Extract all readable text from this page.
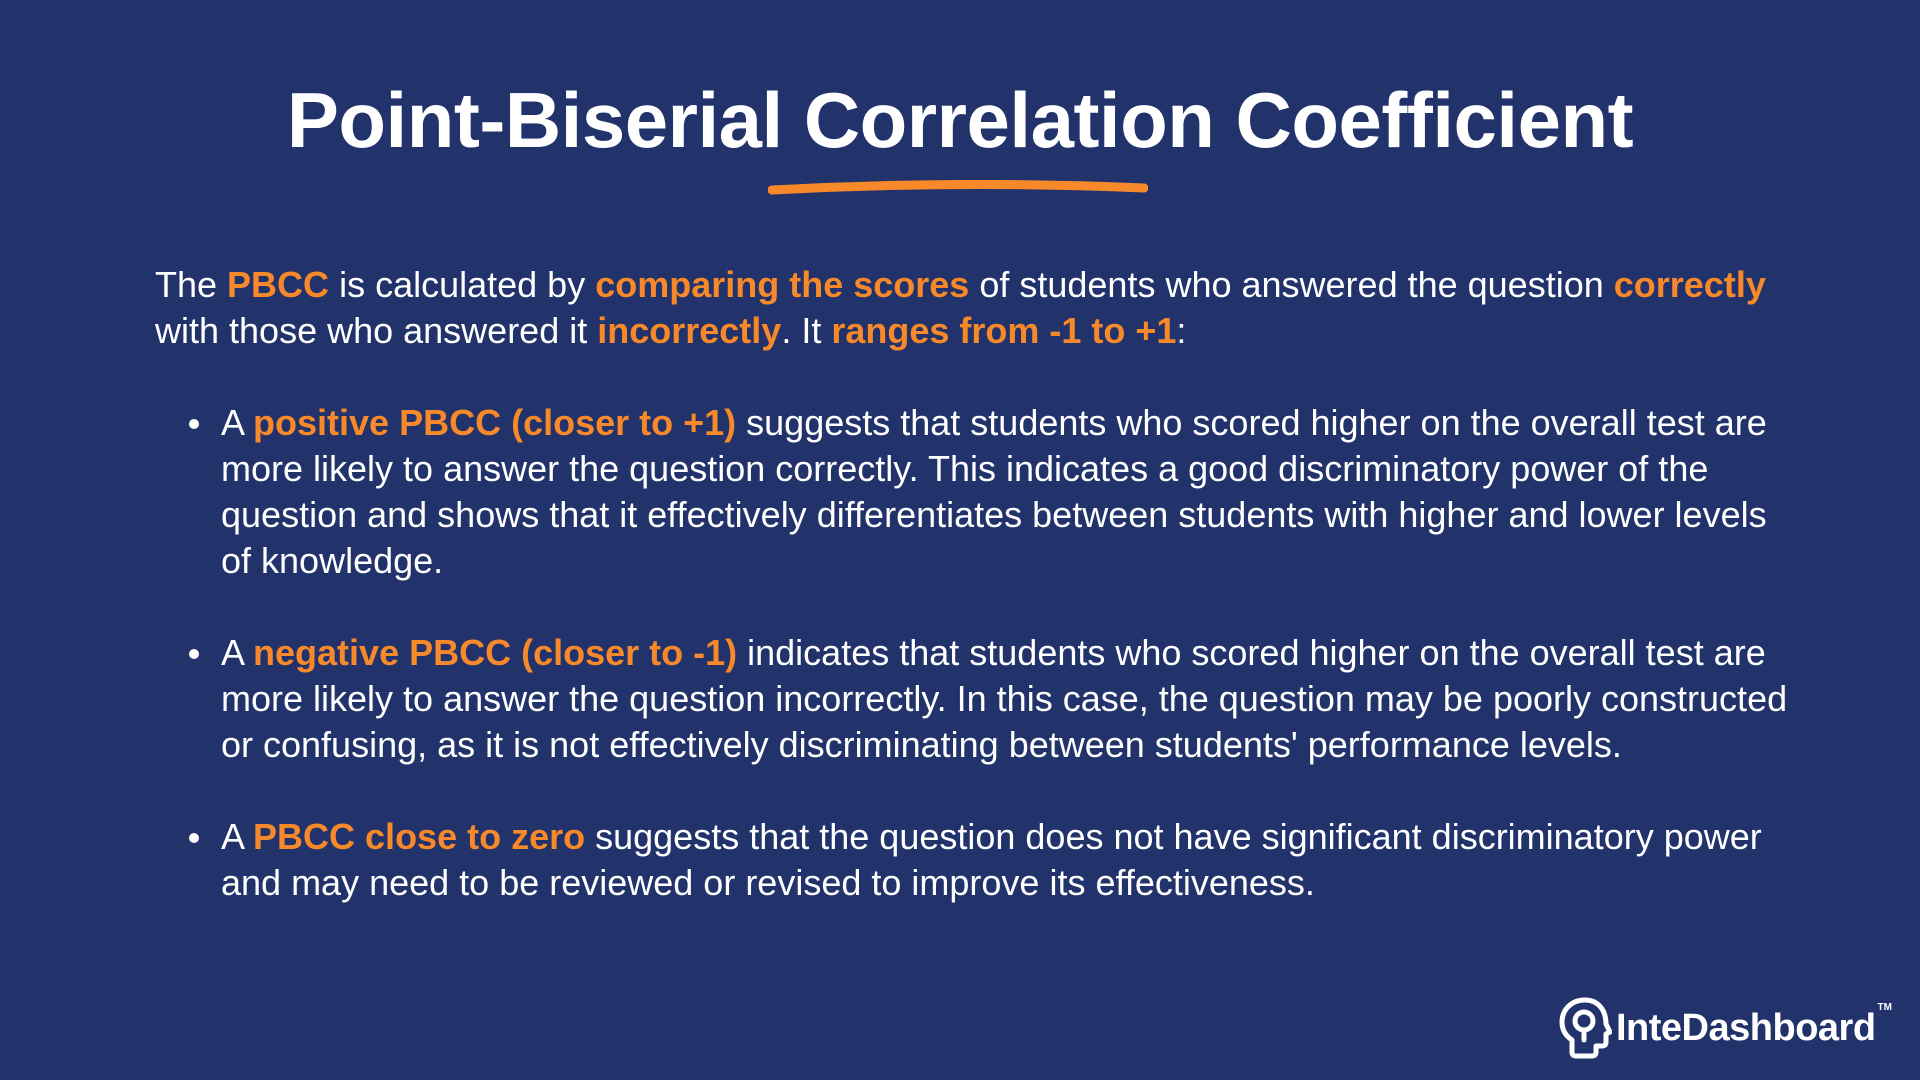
Point-Biserial Correlation Coefficient

The PBCC is calculated by comparing the scores of students who answered the question correctly with those who answered it incorrectly. It ranges from -1 to +1:

A positive PBCC (closer to +1) suggests that students who scored higher on the overall test are more likely to answer the question correctly. This indicates a good discriminatory power of the question and shows that it effectively differentiates between students with higher and lower levels of knowledge.
A negative PBCC (closer to -1) indicates that students who scored higher on the overall test are more likely to answer the question incorrectly. In this case, the question may be poorly constructed or confusing, as it is not effectively discriminating between students' performance levels.
A PBCC close to zero suggests that the question does not have significant discriminatory power and may need to be reviewed or revised to improve its effectiveness.
InteDashboard TM
